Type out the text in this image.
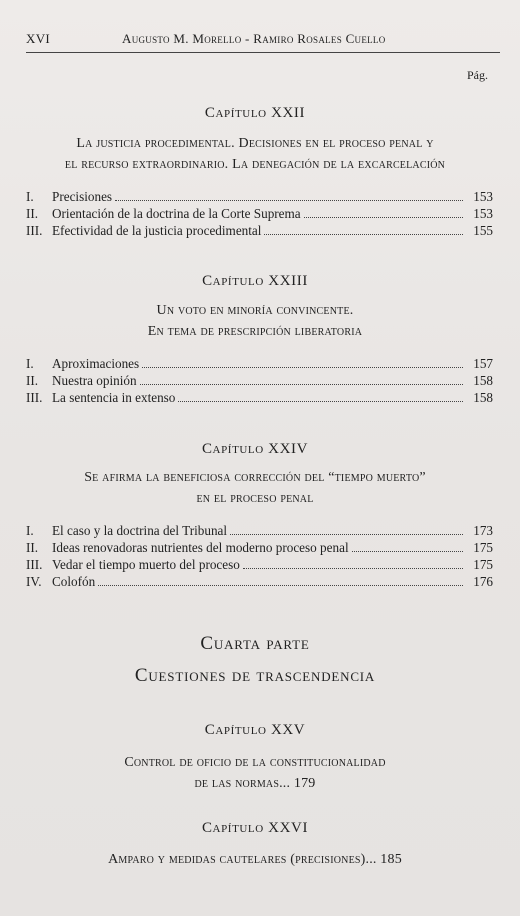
XVI	Augusto M. Morello - Ramiro Rosales Cuello
Pág.
Capítulo XXII
La justicia procedimental. Decisiones en el proceso penal y
el recurso extraordinario. La denegación de la excarcelación
I.	Precisiones	153
II.	Orientación de la doctrina de la Corte Suprema	153
III. Efectividad de la justicia procedimental	155
Capítulo XXIII
Un voto en minoría convincente.
En tema de prescripción liberatoria
I.	Aproximaciones	157
II.	Nuestra opinión	158
III. La sentencia in extenso	158
Capítulo XXIV
Se afirma la beneficiosa corrección del “tiempo muerto”
en el proceso penal
I.	El caso y la doctrina del Tribunal	173
II.	Ideas renovadoras nutrientes del moderno proceso penal	175
III. Vedar el tiempo muerto del proceso	175
IV. Colofón	176
Cuarta parte
Cuestiones de trascendencia
Capítulo XXV
Control de oficio de la constitucionalidad
de las normas... 179
Capítulo XXVI
Amparo y medidas cautelares (precisiones)... 185
